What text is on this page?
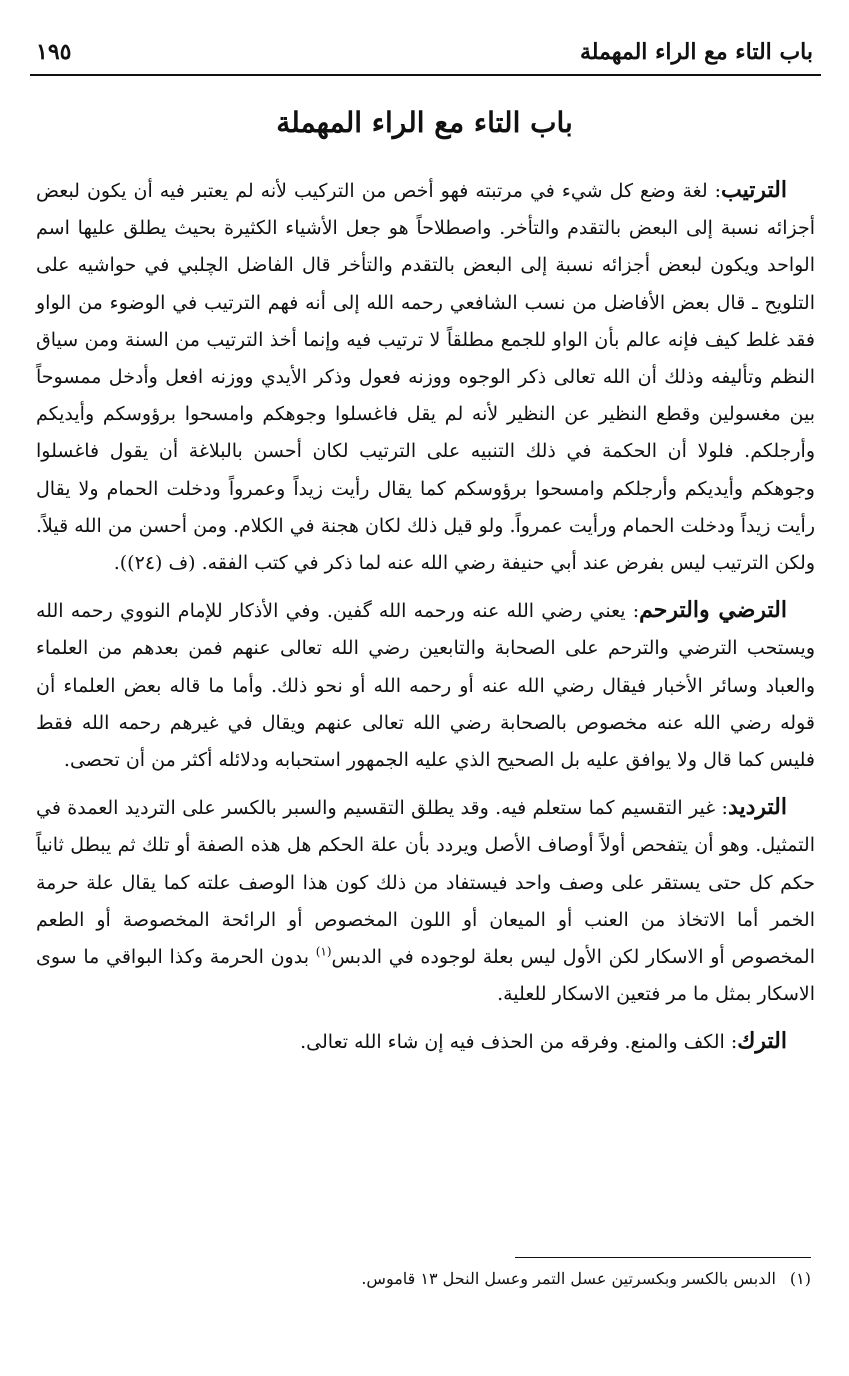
باب التاء مع الراء المهملة
١٩٥
باب التاء مع الراء المهملة

الترتيب: لغة وضع كل شيء في مرتبته فهو أخص من التركيب لأنه لم يعتبر فيه أن يكون لبعض أجزائه نسبة إلى البعض بالتقدم والتأخر. واصطلاحاً هو جعل الأشياء الكثيرة بحيث يطلق عليها اسم الواحد ويكون لبعض أجزائه نسبة إلى البعض بالتقدم والتأخر قال الفاضل الچلبي في حواشيه على التلويح ـ قال بعض الأفاضل من نسب الشافعي رحمه الله إلى أنه فهم الترتيب في الوضوء من الواو فقد غلط كيف فإنه عالم بأن الواو للجمع مطلقاً لا ترتيب فيه وإنما أخذ الترتيب من السنة ومن سياق النظم وتأليفه وذلك أن الله تعالى ذكر الوجوه ووزنه فعول وذكر الأيدي ووزنه افعل وأدخل ممسوحاً بين مغسولين وقطع النظير عن النظير لأنه لم يقل فاغسلوا وجوهكم وامسحوا برؤوسكم وأيديكم وأرجلكم. فلولا أن الحكمة في ذلك التنبيه على الترتيب لكان أحسن بالبلاغة أن يقول فاغسلوا وجوهكم وأيديكم وأرجلكم وامسحوا برؤوسكم كما يقال رأيت زيداً وعمرواً ودخلت الحمام ولا يقال رأيت زيداً ودخلت الحمام ورأيت عمرواً. ولو قيل ذلك لكان هجنة في الكلام. ومن أحسن من الله قيلاً. ولكن الترتيب ليس بفرض عند أبي حنيفة رضي الله عنه لما ذكر في كتب الفقه. (ف (٢٤)).

الترضي والترحم: يعني رضي الله عنه ورحمه الله گفين. وفي الأذكار للإمام النووي رحمه الله ويستحب الترضي والترحم على الصحابة والتابعين رضي الله تعالى عنهم فمن بعدهم من العلماء والعباد وسائر الأخبار فيقال رضي الله عنه أو رحمه الله أو نحو ذلك. وأما ما قاله بعض العلماء أن قوله رضي الله عنه مخصوص بالصحابة رضي الله تعالى عنهم ويقال في غيرهم رحمه الله فقط فليس كما قال ولا يوافق عليه بل الصحيح الذي عليه الجمهور استحبابه ودلائله أكثر من أن تحصى.

الترديد: غير التقسيم كما ستعلم فيه. وقد يطلق التقسيم والسبر بالكسر على الترديد العمدة في التمثيل. وهو أن يتفحص أولاً أوصاف الأصل ويردد بأن علة الحكم هل هذه الصفة أو تلك ثم يبطل ثانياً حكم كل حتى يستقر على وصف واحد فيستفاد من ذلك كون هذا الوصف علته كما يقال علة حرمة الخمر أما الاتخاذ من العنب أو الميعان أو اللون المخصوص أو الرائحة المخصوصة أو الطعم المخصوص أو الاسكار لكن الأول ليس بعلة لوجوده في الدبس$^{(١)}$ بدون الحرمة وكذا البواقي ما سوى الاسكار بمثل ما مر فتعين الاسكار للعلية.

الترك: الكف والمنع. وفرقه من الحذف فيه إن شاء الله تعالى.

(١)الدبس بالكسر وبكسرتين عسل التمر وعسل النحل ١٣ قاموس.
